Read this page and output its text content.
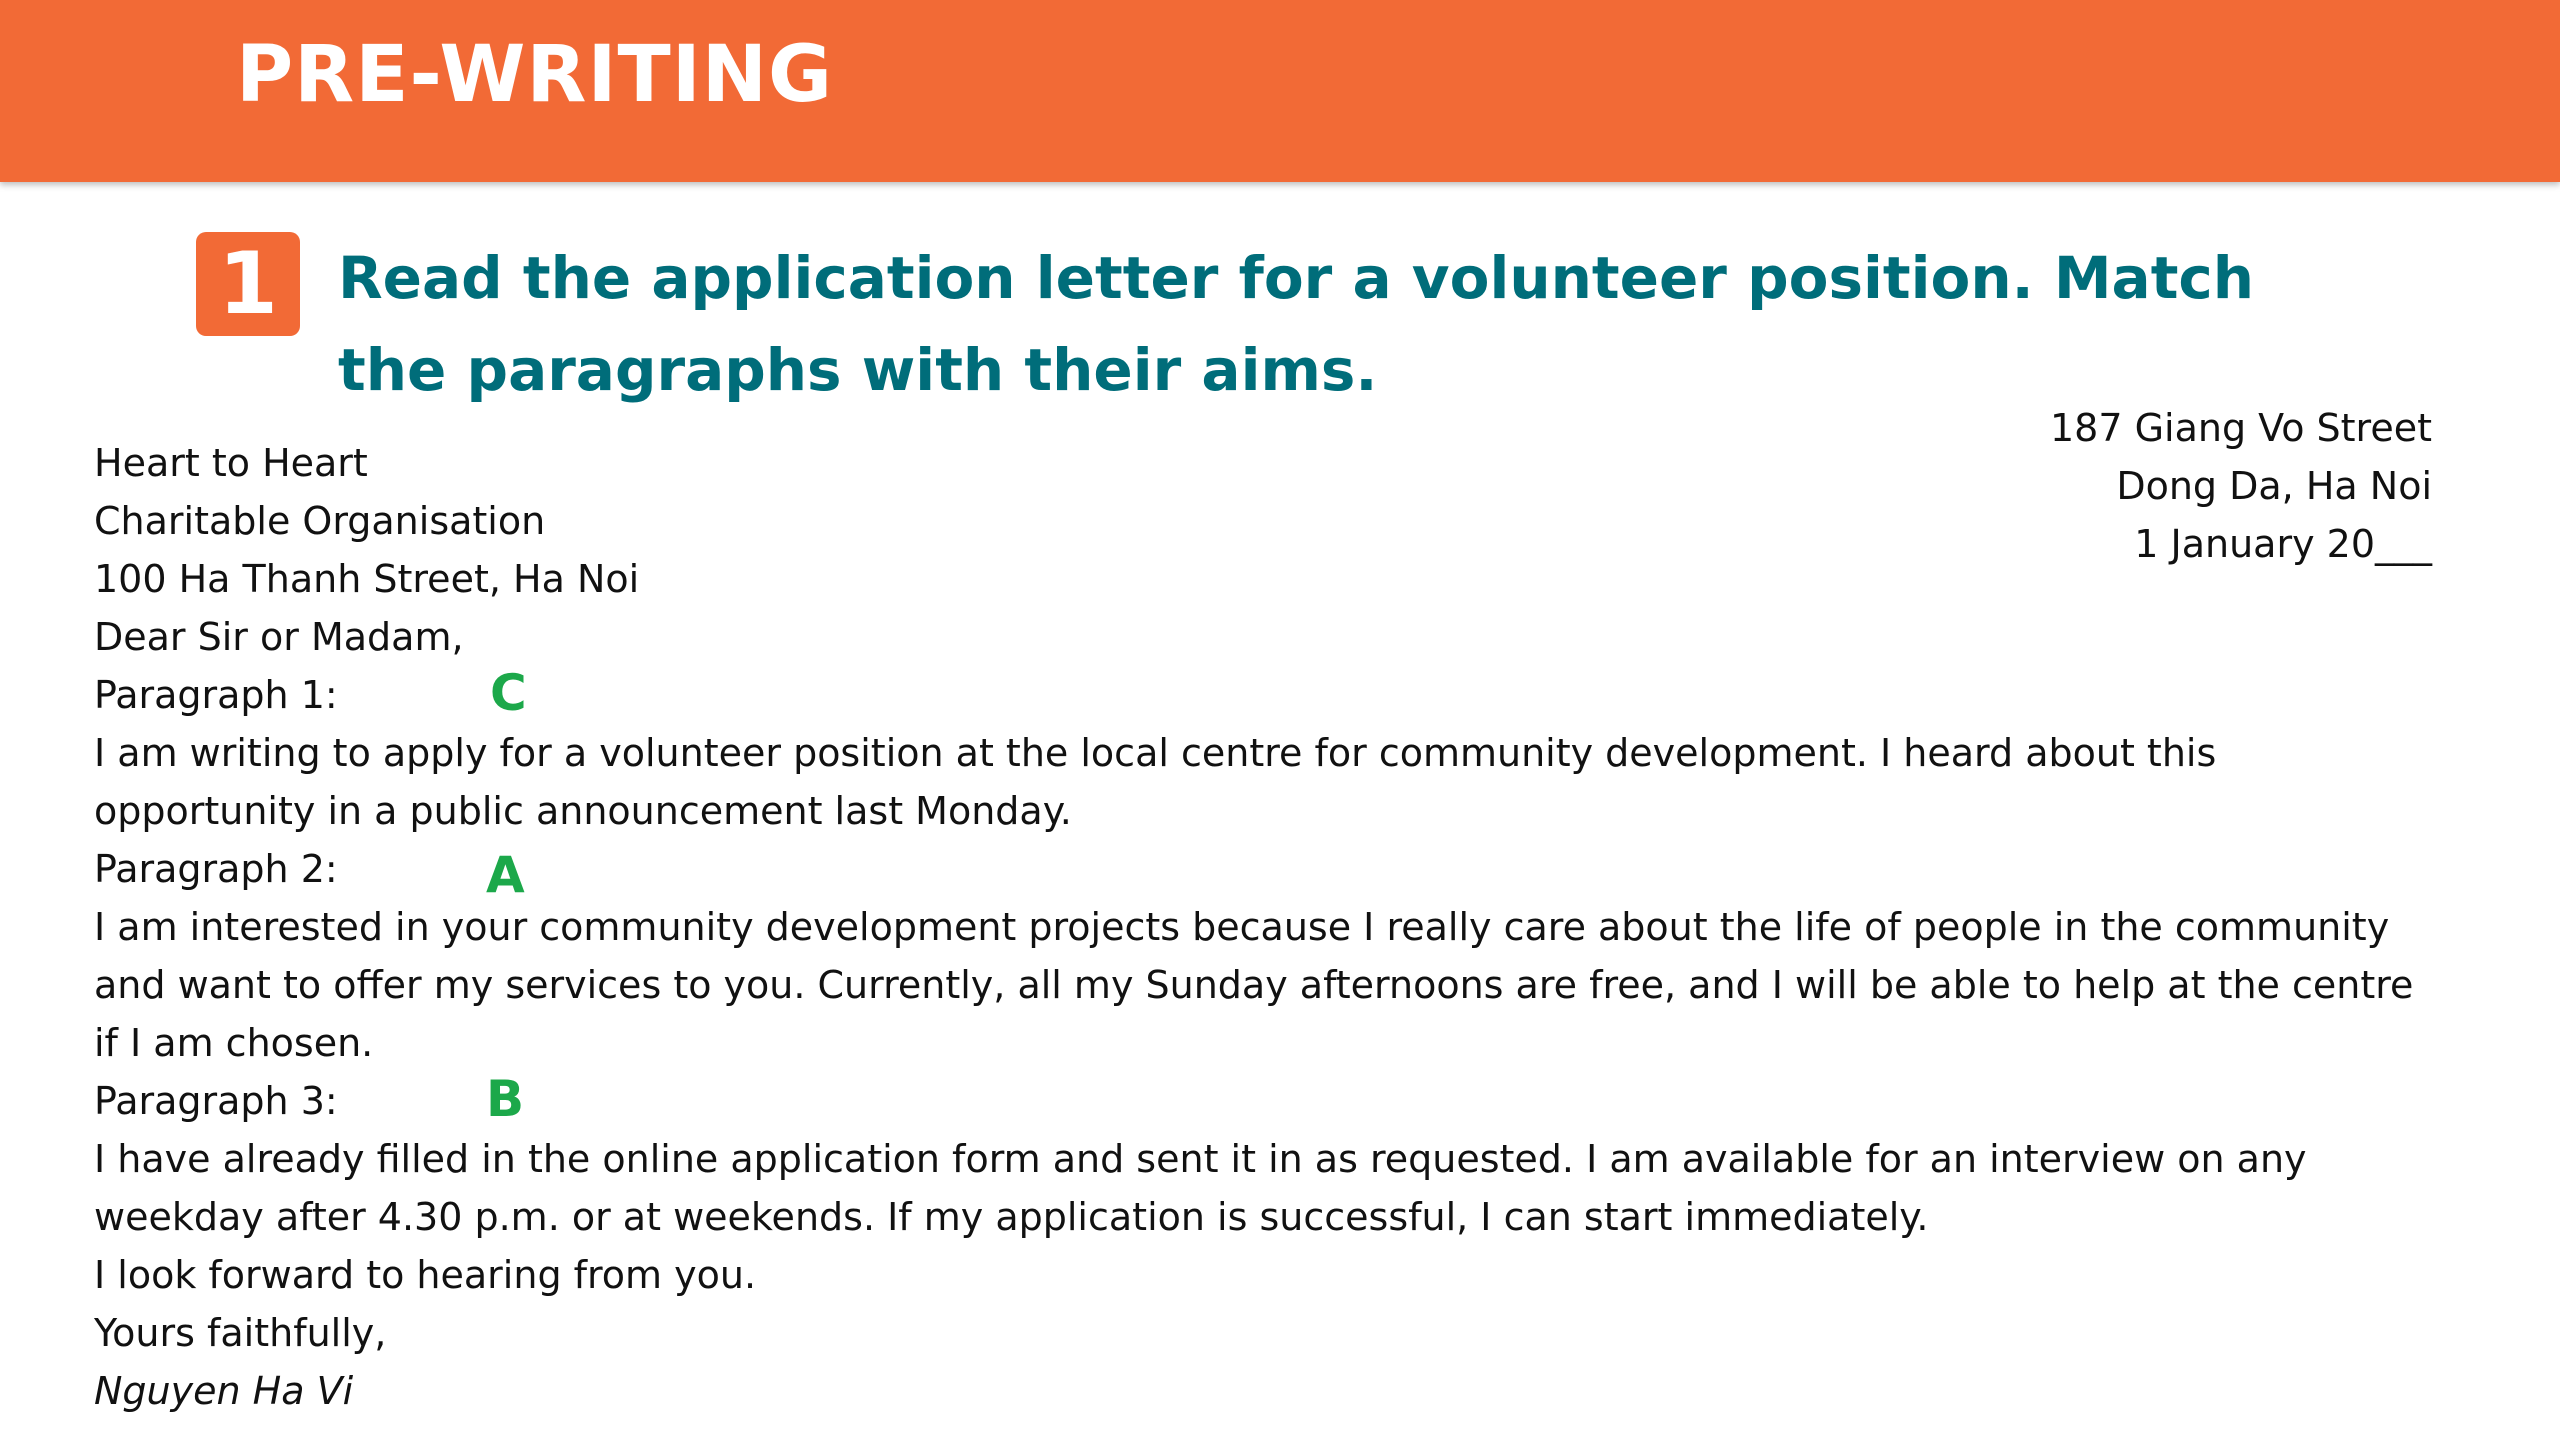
PRE-WRITING
1	Read the application letter for a volunteer position. Match the paragraphs with their aims.
187 Giang Vo Street
Dong Da, Ha Noi
1 January 20___
Heart to Heart
Charitable Organisation
100 Ha Thanh Street, Ha Noi
Dear Sir or Madam,
Paragraph 1:	C
I am writing to apply for a volunteer position at the local centre for community development. I heard about this
opportunity in a public announcement last Monday.
Paragraph 2:	A
I am interested in your community development projects because I really care about the life of people in the community
and want to offer my services to you. Currently, all my Sunday afternoons are free, and I will be able to help at the centre
if I am chosen.
Paragraph 3:	B
I have already filled in the online application form and sent it in as requested. I am available for an interview on any
weekday after 4.30 p.m. or at weekends. If my application is successful, I can start immediately.
I look forward to hearing from you.
Yours faithfully,
Nguyen Ha Vi
